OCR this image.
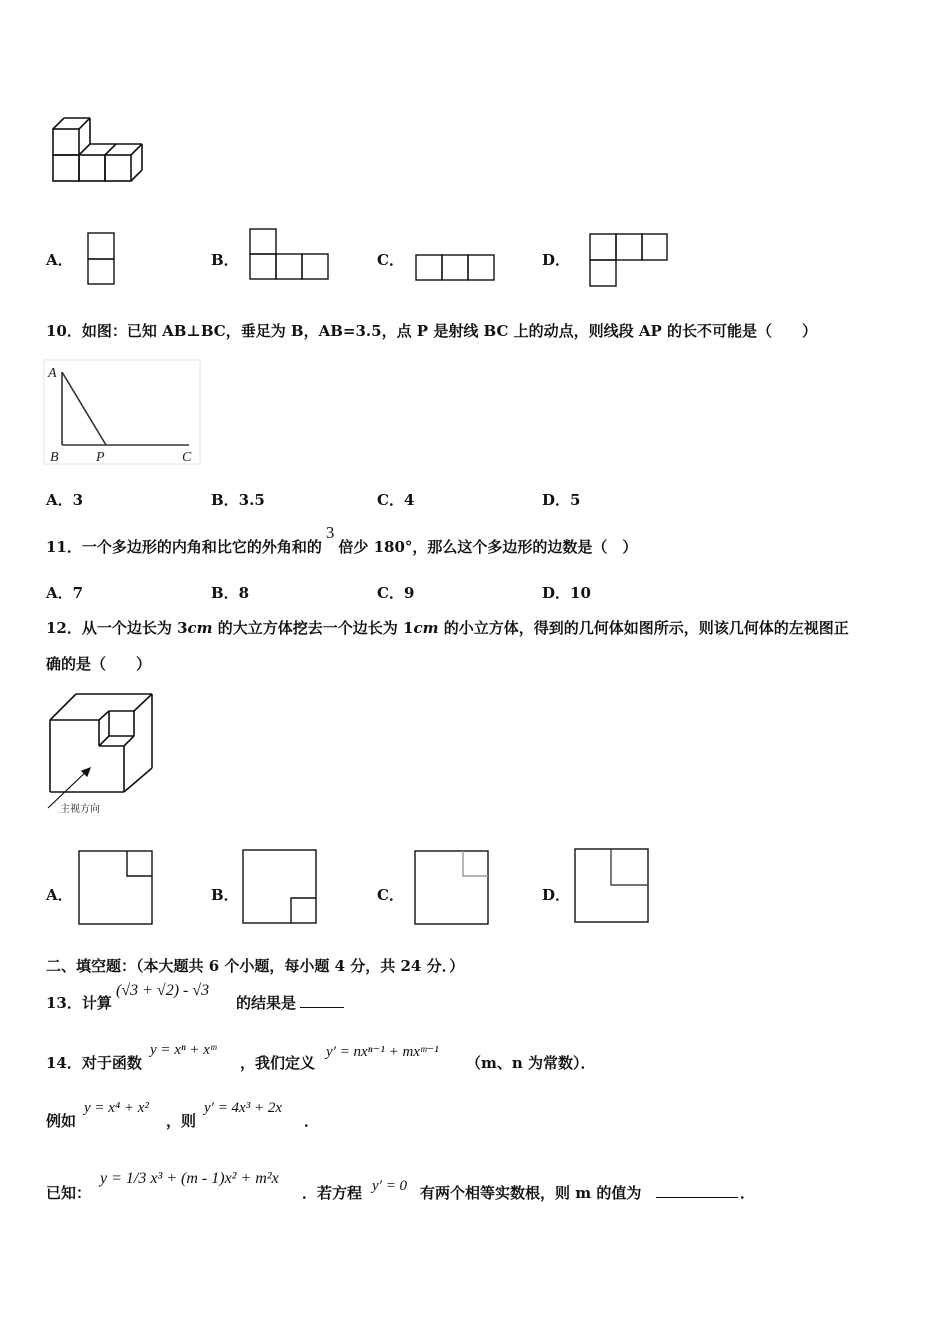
A．	B．	C．	D．
10．如图：已知 AB⊥BC，垂足为 B，AB=3.5，点 P 是射线 BC 上的动点，则线段 AP 的长不可能是（　　）
A
B	P	C
A．3	B．3.5	C．4	D．5
11．一个多边形的内角和比它的外角和的3倍少 180°，那么这个多边形的边数是（　）
A．7	B．8	C．9	D．10
12．从一个边长为 3cm 的大立方体挖去一个边长为 1cm 的小立方体，得到的几何体如图所示，则该几何体的左视图正
确的是（　　）
主视方向
A．	B．	C．	D．
二、填空题：（本大题共 6 个小题，每小题 4 分，共 24 分．）
13．计算
(√3 + √2) - √3
的结果是
14．对于函数
y = xⁿ + xᵐ
，我们定义
y′ = nxⁿ⁻¹ + mxᵐ⁻¹
（m、n 为常数）．
例如
y = x⁴ + x²
，则
y′ = 4x³ + 2x
．
已知：
y = 1/3 x³ + (m - 1)x² + m²x
．若方程 y′ = 0 有两个相等实数根，则 m 的值为	．
